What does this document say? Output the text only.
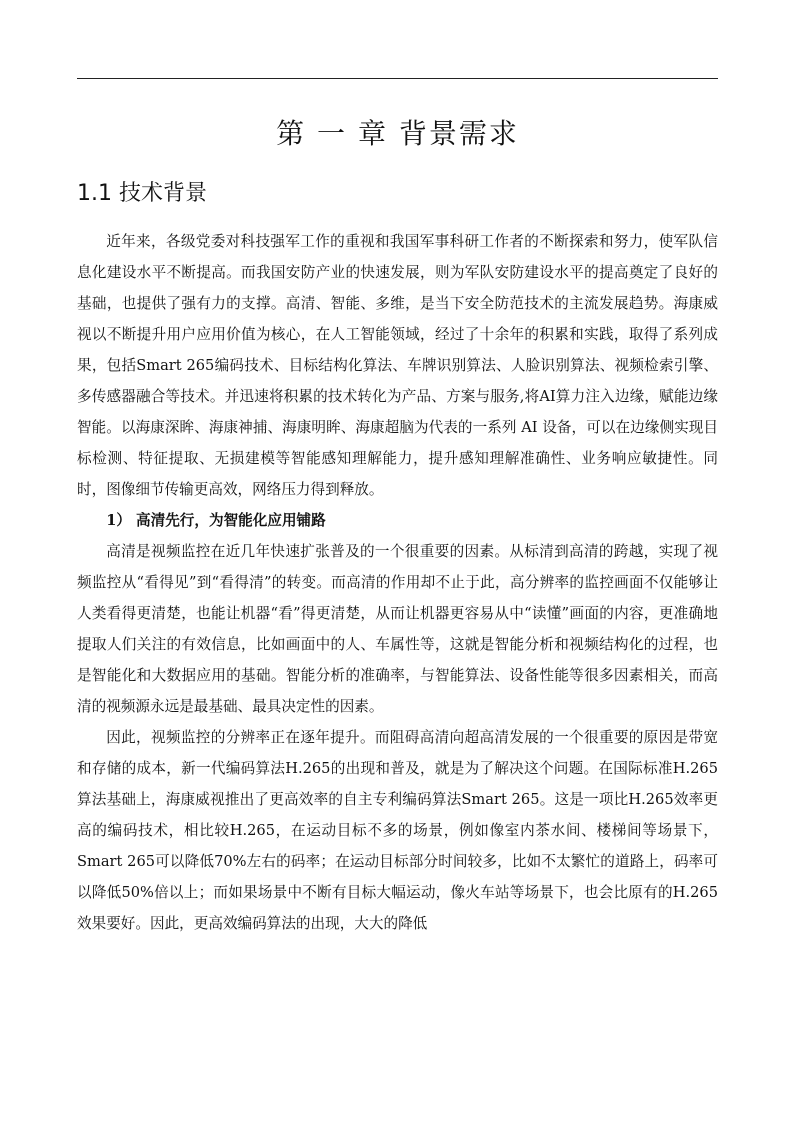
第 一 章 背景需求
1.1 技术背景

近年来，各级党委对科技强军工作的重视和我国军事科研工作者的不断探索和努力，使军队信息化建设水平不断提高。而我国安防产业的快速发展，则为军队安防建设水平的提高奠定了良好的基础，也提供了强有力的支撑。高清、智能、多维，是当下安全防范技术的主流发展趋势。海康威视以不断提升用户应用价值为核心，在人工智能领域，经过了十余年的积累和实践，取得了系列成果，包括Smart 265编码技术、目标结构化算法、车牌识别算法、人脸识别算法、视频检索引擎、多传感器融合等技术。并迅速将积累的技术转化为产品、方案与服务,将AI算力注入边缘，赋能边缘智能。以海康深眸、海康神捕、海康明眸、海康超脑为代表的一系列 AI 设备，可以在边缘侧实现目标检测、特征提取、无损建模等智能感知理解能力，提升感知理解准确性、业务响应敏捷性。同时，图像细节传输更高效，网络压力得到释放。

1） 高清先行，为智能化应用铺路

高清是视频监控在近几年快速扩张普及的一个很重要的因素。从标清到高清的跨越，实现了视频监控从“看得见”到“看得清”的转变。而高清的作用却不止于此，高分辨率的监控画面不仅能够让人类看得更清楚，也能让机器“看”得更清楚，从而让机器更容易从中“读懂”画面的内容，更准确地提取人们关注的有效信息，比如画面中的人、车属性等，这就是智能分析和视频结构化的过程，也是智能化和大数据应用的基础。智能分析的准确率，与智能算法、设备性能等很多因素相关，而高清的视频源永远是最基础、最具决定性的因素。

因此，视频监控的分辨率正在逐年提升。而阻碍高清向超高清发展的一个很重要的原因是带宽和存储的成本，新一代编码算法H.265的出现和普及，就是为了解决这个问题。在国际标准H.265算法基础上，海康威视推出了更高效率的自主专利编码算法Smart 265。这是一项比H.265效率更高的编码技术，相比较H.265，在运动目标不多的场景，例如像室内茶水间、楼梯间等场景下，Smart 265可以降低70%左右的码率；在运动目标部分时间较多，比如不太繁忙的道路上，码率可以降低50%倍以上；而如果场景中不断有目标大幅运动，像火车站等场景下，也会比原有的H.265效果要好。因此，更高效编码算法的出现，大大的降低
